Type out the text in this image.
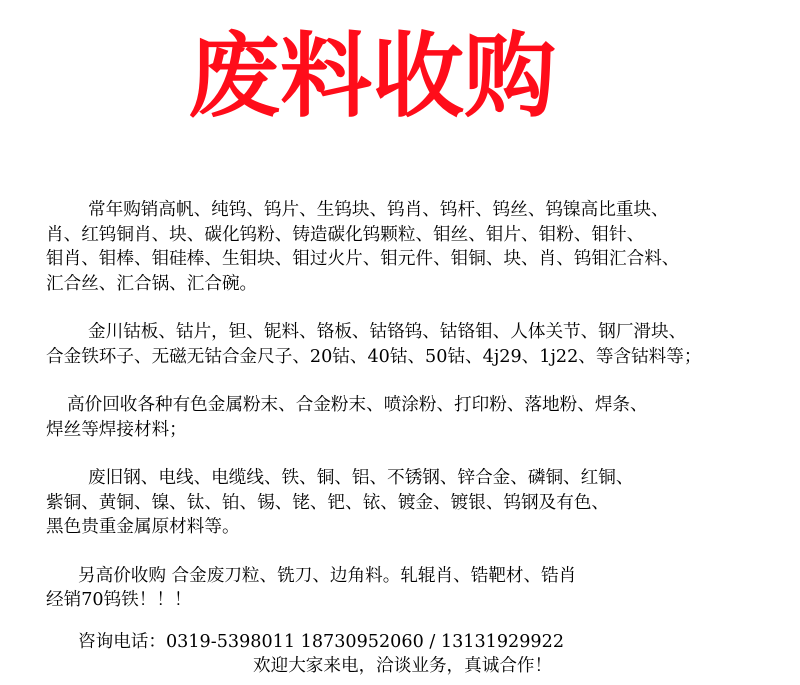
废料收购
常年购销高帆、纯钨、钨片、生钨块、钨肖、钨杆、钨丝、钨镍高比重块、
肖、红钨铜肖、块、碳化钨粉、铸造碳化钨颗粒、钼丝、钼片、钼粉、钼针、
钼肖、钼棒、钼硅棒、生钼块、钼过火片、钼元件、钼铜、块、肖、钨钼汇合料、
汇合丝、汇合锅、汇合碗。
金川钴板、钴片，钽、铌料、铬板、钴铬钨、钴铬钼、人体关节、钢厂滑块、
合金铁环子、无磁无钴合金尺子、20钴、40钴、50钴、4j29、1j22、等含钴料等；
高价回收各种有色金属粉末、合金粉末、喷涂粉、打印粉、落地粉、焊条、
焊丝等焊接材料；
废旧钢、电线、电缆线、铁、铜、铝、不锈钢、锌合金、磷铜、红铜、
紫铜、黄铜、镍、钛、铂、锡、铑、钯、铱、镀金、镀银、钨钢及有色、
黑色贵重金属原材料等。
另高价收购 合金废刀粒、铣刀、边角料。轧辊肖、锆靶材、锆肖
经销70钨铁！！！
咨询电话：0319-5398011 18730952060 / 13131929922
欢迎大家来电，洽谈业务，真诚合作！
